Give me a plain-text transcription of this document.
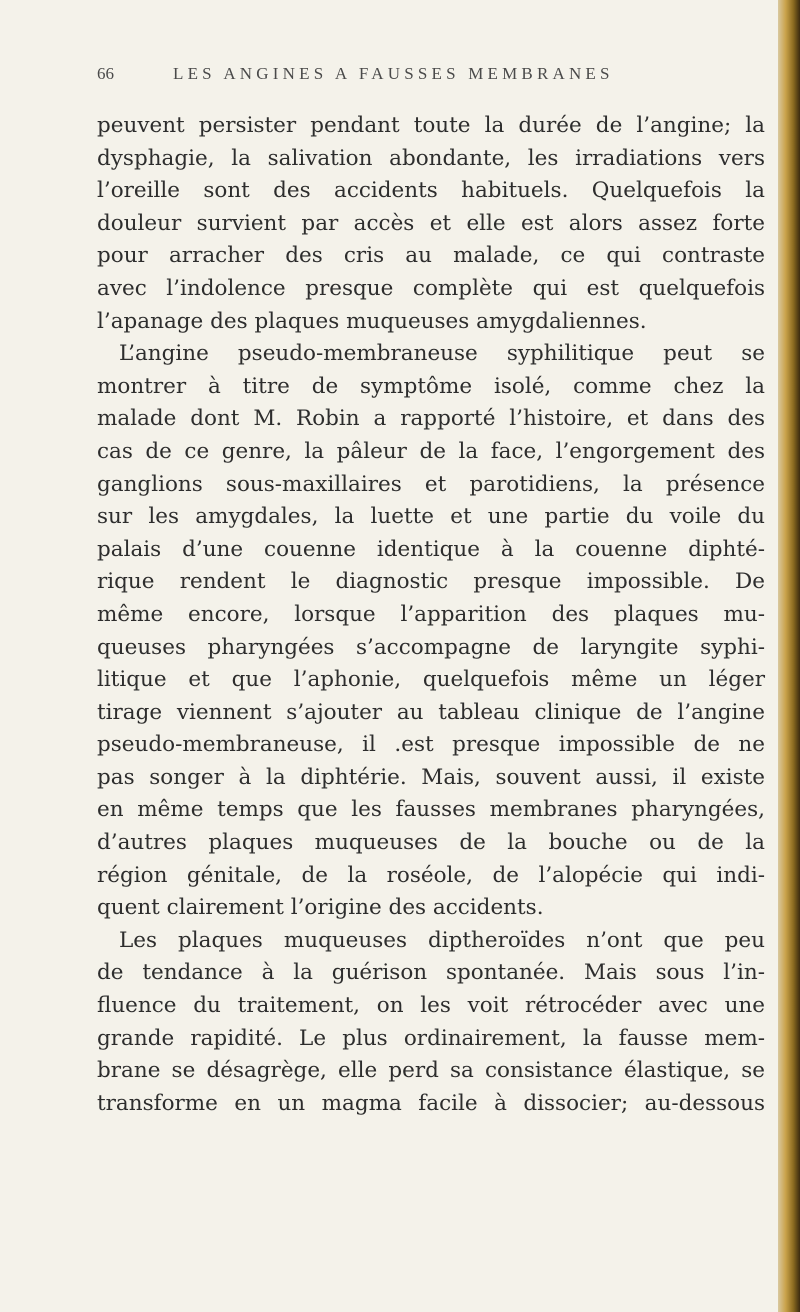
66	LES ANGINES A FAUSSES MEMBRANES
peuvent persister pendant toute la durée de l’angine; la
dysphagie, la salivation abondante, les irradiations vers
l’oreille sont des accidents habituels. Quelquefois la
douleur survient par accès et elle est alors assez forte
pour arracher des cris au malade, ce qui contraste
avec l’indolence presque complète qui est quelquefois
l’apanage des plaques muqueuses amygdaliennes.
L’angine pseudo-membraneuse syphilitique peut se
montrer à titre de symptôme isolé, comme chez la
malade dont M. Robin a rapporté l’histoire, et dans des
cas de ce genre, la pâleur de la face, l’engorgement des
ganglions sous-maxillaires et parotidiens, la présence
sur les amygdales, la luette et une partie du voile du
palais d’une couenne identique à la couenne diphté-
rique rendent le diagnostic presque impossible. De
même encore, lorsque l’apparition des plaques mu-
queuses pharyngées s’accompagne de laryngite syphi-
litique et que l’aphonie, quelquefois même un léger
tirage viennent s’ajouter au tableau clinique de l’angine
pseudo-membraneuse, il .est presque impossible de ne
pas songer à la diphtérie. Mais, souvent aussi, il existe
en même temps que les fausses membranes pharyngées,
d’autres plaques muqueuses de la bouche ou de la
région génitale, de la roséole, de l’alopécie qui indi-
quent clairement l’origine des accidents.
Les plaques muqueuses diptheroïdes n’ont que peu
de tendance à la guérison spontanée. Mais sous l’in-
fluence du traitement, on les voit rétrocéder avec une
grande rapidité. Le plus ordinairement, la fausse mem-
brane se désagrège, elle perd sa consistance élastique, se
transforme en un magma facile à dissocier; au-dessous
